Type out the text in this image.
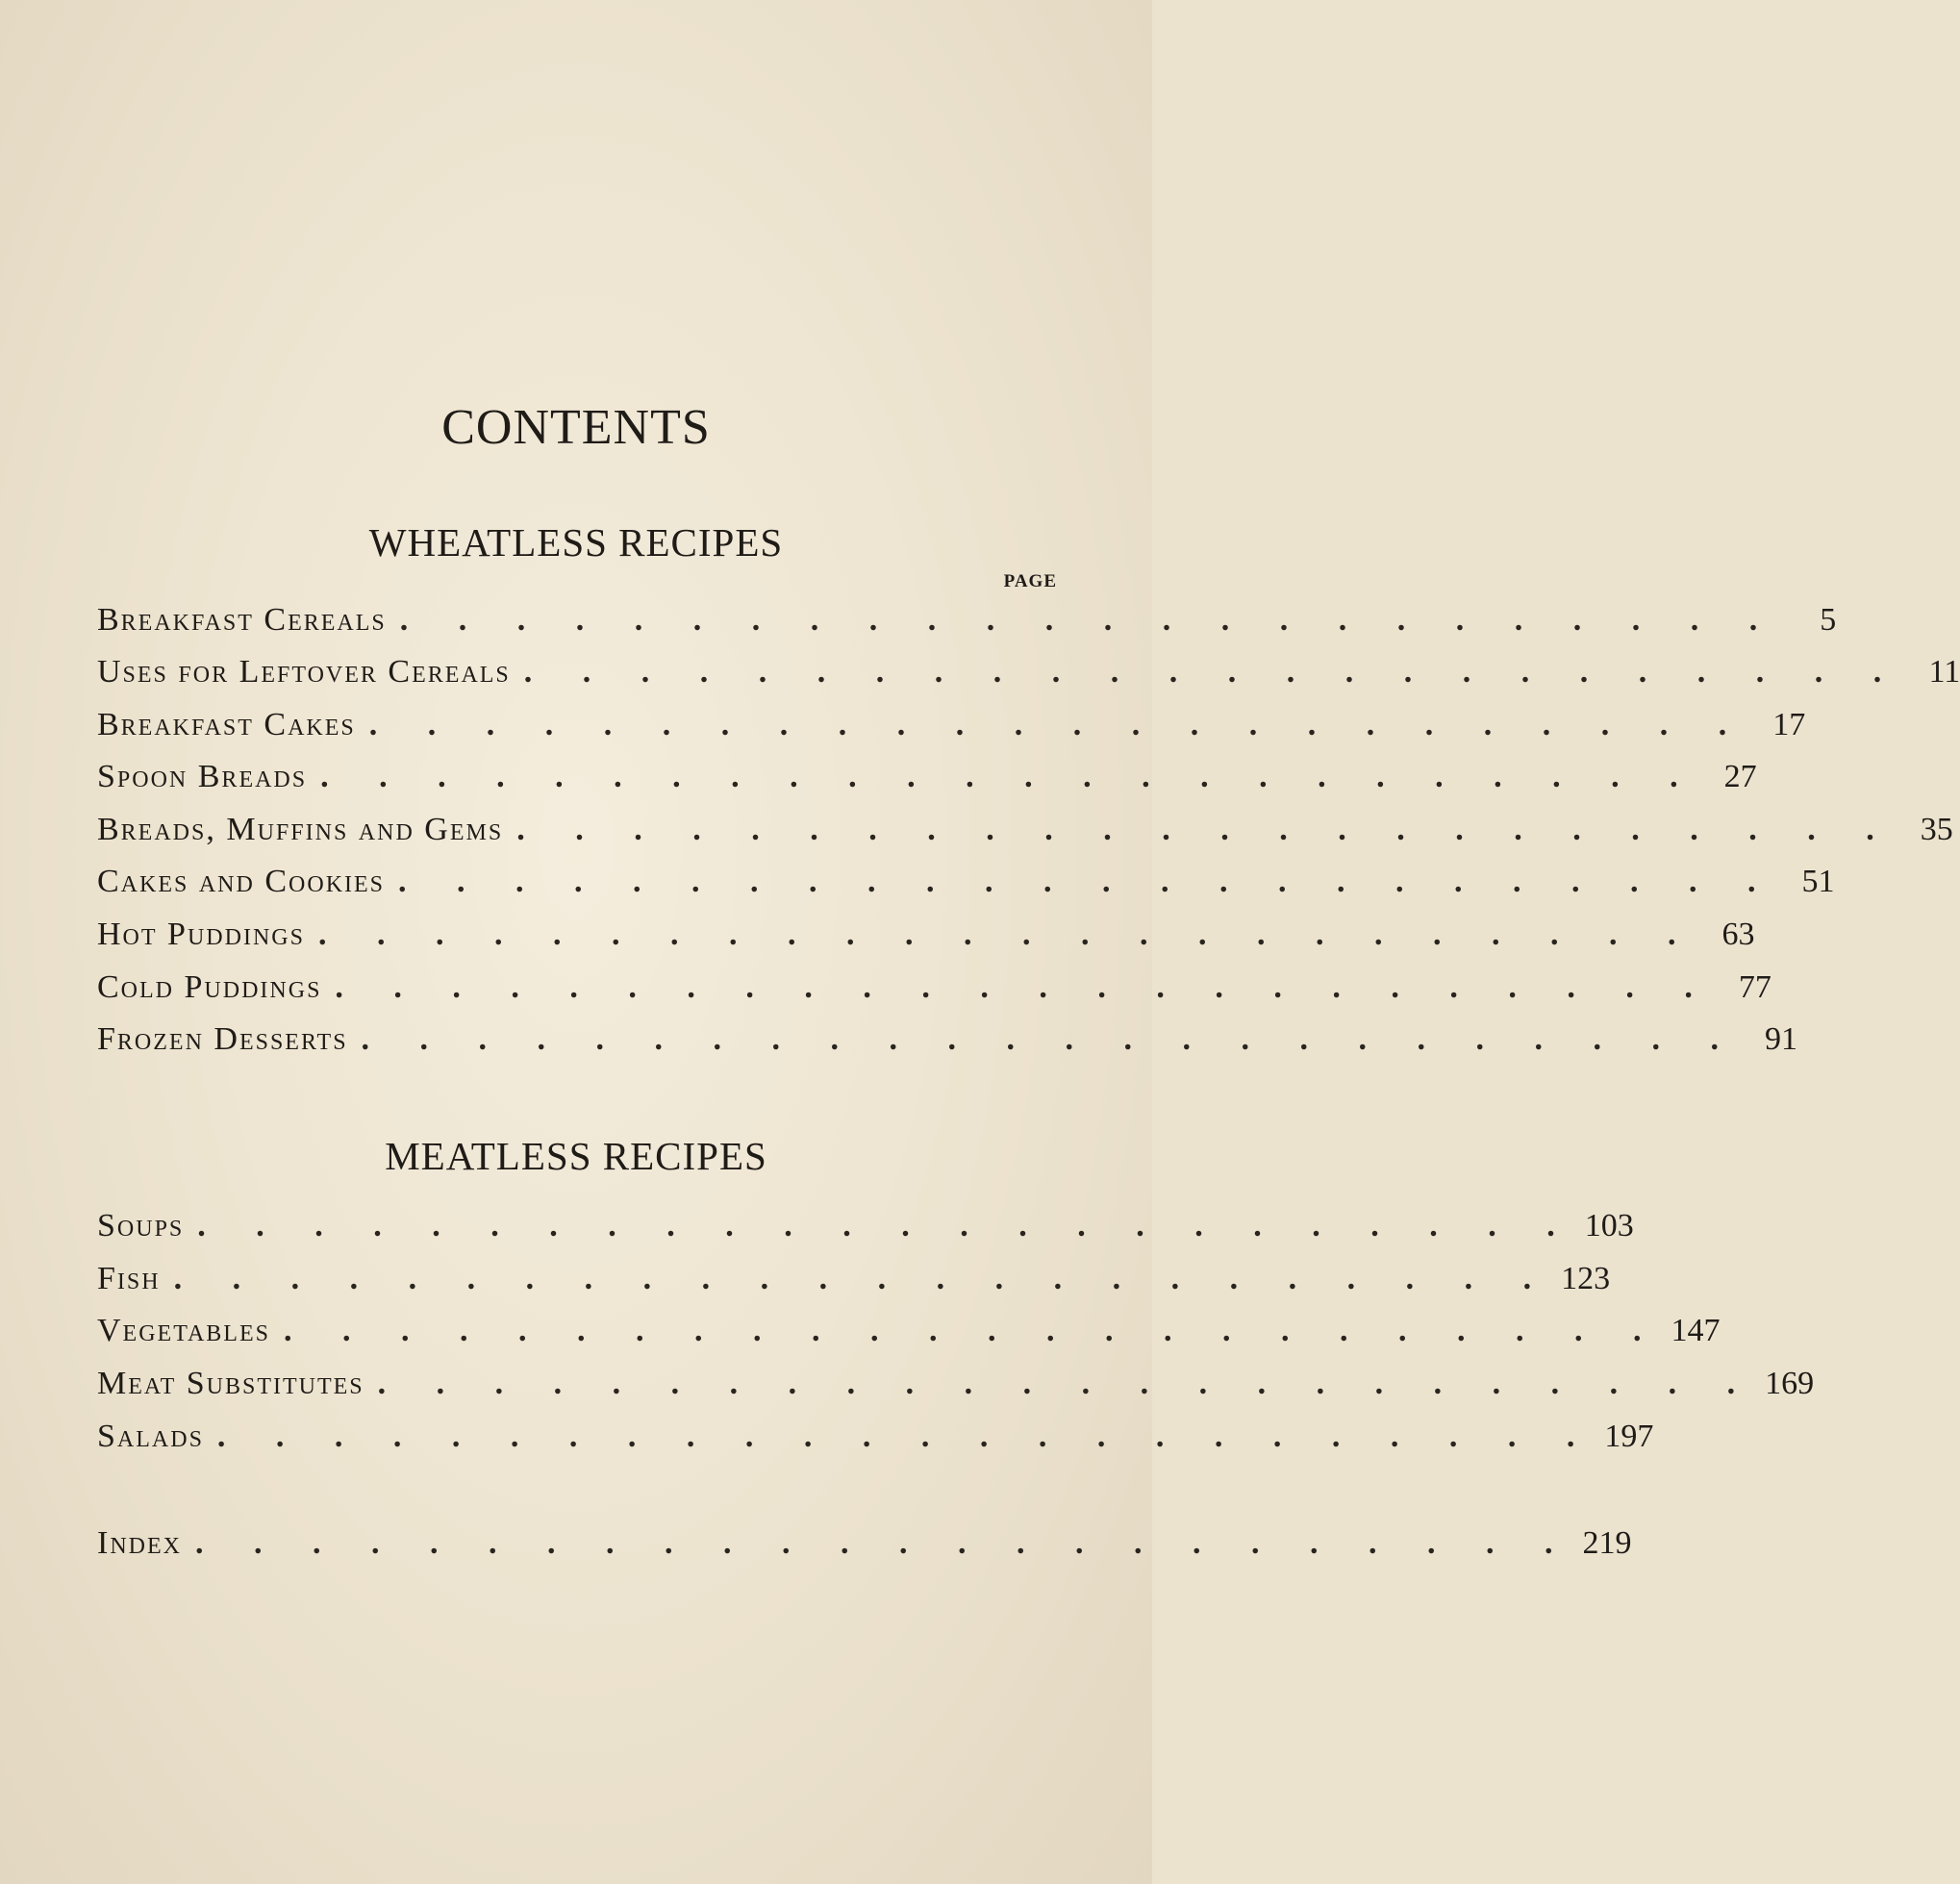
CONTENTS
WHEATLESS RECIPES
PAGE
Breakfast Cereals . . . . . . . . . . . . . . . . . . . . . . . .	5
Uses for Leftover Cereals . . . . . . . . . . . . . . . . . . . . . . . . 11
Breakfast Cakes . . . . . . . . . . . . . . . . . . . . . . . . 17
Spoon Breads . . . . . . . . . . . . . . . . . . . . . . . . 27
Breads, Muffins and Gems . . . . . . . . . . . . . . . . . . . . . . . . 35
Cakes and Cookies . . . . . . . . . . . . . . . . . . . . . . . . 51
Hot Puddings . . . . . . . . . . . . . . . . . . . . . . . . 63
Cold Puddings . . . . . . . . . . . . . . . . . . . . . . . . 77
Frozen Desserts . . . . . . . . . . . . . . . . . . . . . . . . 91
MEATLESS RECIPES
Soups . . . . . . . . . . . . . . . . . . . . . . . . 103
Fish . . . . . . . . . . . . . . . . . . . . . . . . 123
Vegetables . . . . . . . . . . . . . . . . . . . . . . . . 147
Meat Substitutes . . . . . . . . . . . . . . . . . . . . . . . . 169
Salads . . . . . . . . . . . . . . . . . . . . . . . . 197
Index . . . . . . . . . . . . . . . . . . . . . . . . 219
